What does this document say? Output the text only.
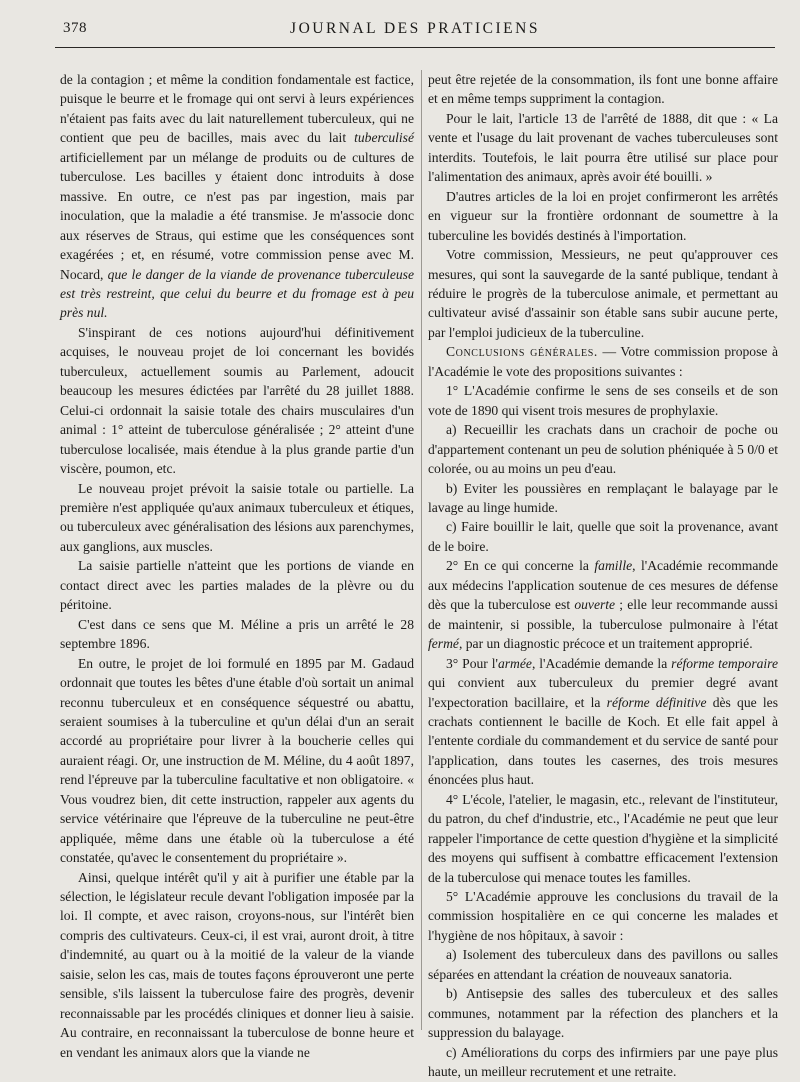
378	JOURNAL DES PRATICIENS

de la contagion ; et même la condition fondamentale est factice, puisque le beurre et le fromage qui ont servi à leurs expériences n'étaient pas faits avec du lait naturellement tuberculeux, qui ne contient que peu de bacilles, mais avec du lait tuberculisé artificiellement par un mélange de produits ou de cultures de tuberculose. Les bacilles y étaient donc introduits à dose massive. En outre, ce n'est pas par ingestion, mais par inoculation, que la maladie a été transmise. Je m'associe donc aux réserves de Straus, qui estime que les conséquences sont exagérées ; et, en résumé, votre commission pense avec M. Nocard, que le danger de la viande de provenance tuberculeuse est très restreint, que celui du beurre et du fromage est à peu près nul.

S'inspirant de ces notions aujourd'hui définitivement acquises, le nouveau projet de loi concernant les bovidés tuberculeux, actuellement soumis au Parlement, adoucit beaucoup les mesures édictées par l'arrêté du 28 juillet 1888. Celui-ci ordonnait la saisie totale des chairs musculaires d'un animal : 1° atteint de tuberculose généralisée ; 2° atteint d'une tuberculose localisée, mais étendue à la plus grande partie d'un viscère, poumon, etc.

Le nouveau projet prévoit la saisie totale ou partielle. La première n'est appliquée qu'aux animaux tuberculeux et étiques, ou tuberculeux avec généralisation des lésions aux parenchymes, aux ganglions, aux muscles.

La saisie partielle n'atteint que les portions de viande en contact direct avec les parties malades de la plèvre ou du péritoine.

C'est dans ce sens que M. Méline a pris un arrêté le 28 septembre 1896.

En outre, le projet de loi formulé en 1895 par M. Gadaud ordonnait que toutes les bêtes d'une étable d'où sortait un animal reconnu tuberculeux et en conséquence séquestré ou abattu, seraient soumises à la tuberculine et qu'un délai d'un an serait accordé au propriétaire pour livrer à la boucherie celles qui auraient réagi. Or, une instruction de M. Méline, du 4 août 1897, rend l'épreuve par la tuberculine facultative et non obligatoire. « Vous voudrez bien, dit cette instruction, rappeler aux agents du service vétérinaire que l'épreuve de la tuberculine ne peut-être appliquée, même dans une étable où la tuberculose a été constatée, qu'avec le consentement du propriétaire ».

Ainsi, quelque intérêt qu'il y ait à purifier une étable par la sélection, le législateur recule devant l'obligation imposée par la loi. Il compte, et avec raison, croyons-nous, sur l'intérêt bien compris des cultivateurs. Ceux-ci, il est vrai, auront droit, à titre d'indemnité, au quart ou à la moitié de la valeur de la viande saisie, selon les cas, mais de toutes façons éprouveront une perte sensible, s'ils laissent la tuberculose faire des progrès, devenir reconnaissable par les procédés cliniques et donner lieu à saisie. Au contraire, en reconnaissant la tuberculose de bonne heure et en vendant les animaux alors que la viande ne

peut être rejetée de la consommation, ils font une bonne affaire et en même temps suppriment la contagion.

Pour le lait, l'article 13 de l'arrêté de 1888, dit que : « La vente et l'usage du lait provenant de vaches tuberculeuses sont interdits. Toutefois, le lait pourra être utilisé sur place pour l'alimentation des animaux, après avoir été bouilli. »

D'autres articles de la loi en projet confirmeront les arrêtés en vigueur sur la frontière ordonnant de soumettre à la tuberculine les bovidés destinés à l'importation.

Votre commission, Messieurs, ne peut qu'approuver ces mesures, qui sont la sauvegarde de la santé publique, tendant à réduire le progrès de la tuberculose animale, et permettant au cultivateur avisé d'assainir son étable sans subir aucune perte, par l'emploi judicieux de la tuberculine.

Conclusions générales. — Votre commission propose à l'Académie le vote des propositions suivantes :

1° L'Académie confirme le sens de ses conseils et de son vote de 1890 qui visent trois mesures de prophylaxie.

a) Recueillir les crachats dans un crachoir de poche ou d'appartement contenant un peu de solution phéniquée à 5 0/0 et colorée, ou au moins un peu d'eau.

b) Eviter les poussières en remplaçant le balayage par le lavage au linge humide.

c) Faire bouillir le lait, quelle que soit la provenance, avant de le boire.

2° En ce qui concerne la famille, l'Académie recommande aux médecins l'application soutenue de ces mesures de défense dès que la tuberculose est ouverte ; elle leur recommande aussi de maintenir, si possible, la tuberculose pulmonaire à l'état fermé, par un diagnostic précoce et un traitement approprié.

3° Pour l'armée, l'Académie demande la réforme temporaire qui convient aux tuberculeux du premier degré avant l'expectoration bacillaire, et la réforme définitive dès que les crachats contiennent le bacille de Koch. Et elle fait appel à l'entente cordiale du commandement et du service de santé pour l'application, dans toutes les casernes, des trois mesures énoncées plus haut.

4° L'école, l'atelier, le magasin, etc., relevant de l'instituteur, du patron, du chef d'industrie, etc., l'Académie ne peut que leur rappeler l'importance de cette question d'hygiène et la simplicité des moyens qui suffisent à combattre efficacement l'extension de la tuberculose qui menace toutes les familles.

5° L'Académie approuve les conclusions du travail de la commission hospitalière en ce qui concerne les malades et l'hygiène de nos hôpitaux, à savoir :

a) Isolement des tuberculeux dans des pavillons ou salles séparées en attendant la création de nouveaux sanatoria.

b) Antisepsie des salles des tuberculeux et des salles communes, notamment par la réfection des planchers et la suppression du balayage.

c) Améliorations du corps des infirmiers par une paye plus haute, un meilleur recrutement et une retraite.
